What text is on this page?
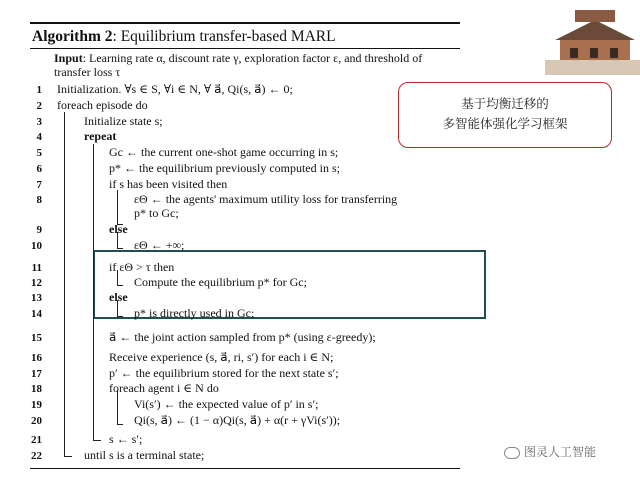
Algorithm 2: Equilibrium transfer-based MARL
Input: Learning rate α, discount rate γ, exploration factor ε, and threshold of transfer loss τ
基于均衡迁移的
多智能体强化学习框架
1 Initialization. ∀s ∈ S, ∀i ∈ N, ∀ a⃗, Qi(s, a⃗) ← 0;
2 foreach episode do
3	Initialize state s;
4	repeat
5	Gc ← the current one-shot game occurring in s;
6	p* ← the equilibrium previously computed in s;
7	if s has been visited then
8	εΘ ← the agents' maximum utility loss for transferring
p* to Gc;
9	else
10	εΘ ← +∞;
11	if εΘ > τ then
12	Compute the equilibrium p* for Gc;
13	else
14	p* is directly used in Gc;
15	a⃗ ← the joint action sampled from p* (using ε-greedy);
16	Receive experience (s, a⃗, ri, s′) for each i ∈ N;
17	p′ ← the equilibrium stored for the next state s′;
18	foreach agent i ∈ N do
19	Vi(s′) ← the expected value of p′ in s′;
20	Qi(s, a⃗) ← (1 − α)Qi(s, a⃗) + α(r + γVi(s′));
21	s ← s′;
22	until s is a terminal state;	图灵人工智能
